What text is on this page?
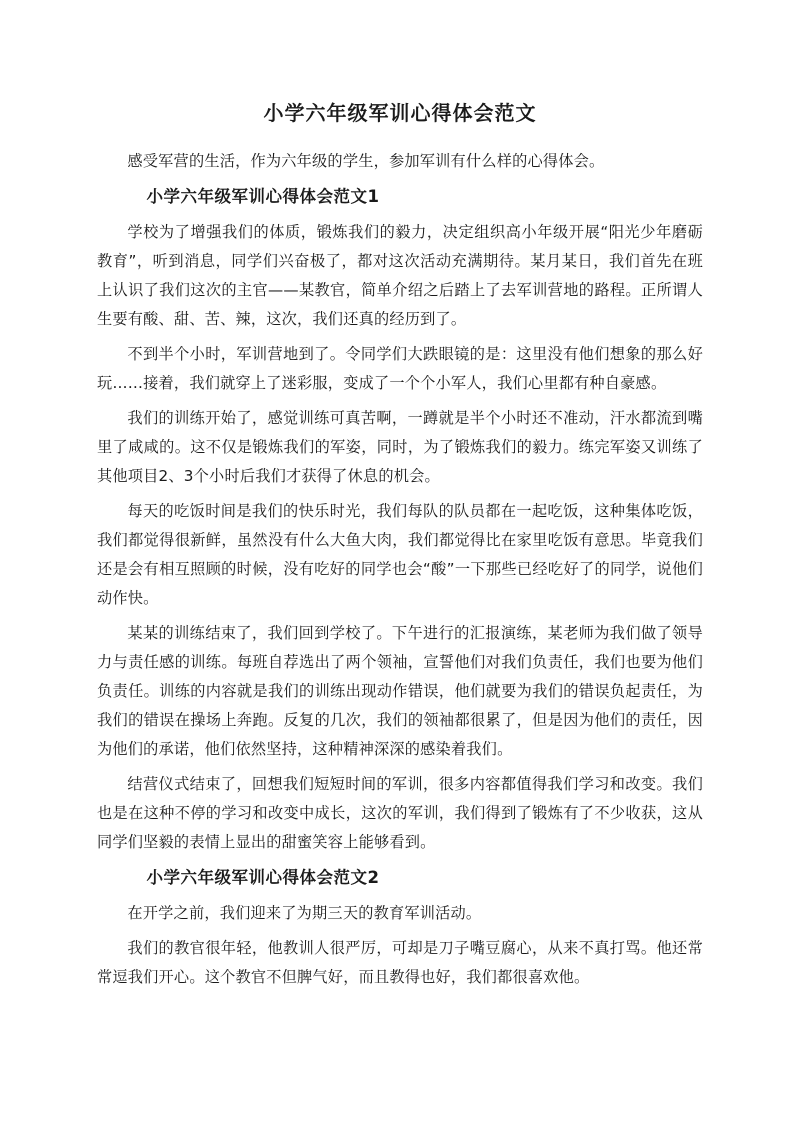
小学六年级军训心得体会范文

感受军营的生活，作为六年级的学生，参加军训有什么样的心得体会。

小学六年级军训心得体会范文1

学校为了增强我们的体质，锻炼我们的毅力，决定组织高小年级开展“阳光少年磨砺教育”，听到消息，同学们兴奋极了，都对这次活动充满期待。某月某日，我们首先在班上认识了我们这次的主官——某教官，简单介绍之后踏上了去军训营地的路程。正所谓人生要有酸、甜、苦、辣，这次，我们还真的经历到了。

不到半个小时，军训营地到了。令同学们大跌眼镜的是：这里没有他们想象的那么好玩……接着，我们就穿上了迷彩服，变成了一个个小军人，我们心里都有种自豪感。

我们的训练开始了，感觉训练可真苦啊，一蹲就是半个小时还不准动，汗水都流到嘴里了咸咸的。这不仅是锻炼我们的军姿，同时，为了锻炼我们的毅力。练完军姿又训练了其他项目2、3个小时后我们才获得了休息的机会。

每天的吃饭时间是我们的快乐时光，我们每队的队员都在一起吃饭，这种集体吃饭，我们都觉得很新鲜，虽然没有什么大鱼大肉，我们都觉得比在家里吃饭有意思。毕竟我们还是会有相互照顾的时候，没有吃好的同学也会“酸”一下那些已经吃好了的同学，说他们动作快。

某某的训练结束了，我们回到学校了。下午进行的汇报演练，某老师为我们做了领导力与责任感的训练。每班自荐选出了两个领袖，宣誓他们对我们负责任，我们也要为他们负责任。训练的内容就是我们的训练出现动作错误，他们就要为我们的错误负起责任，为我们的错误在操场上奔跑。反复的几次，我们的领袖都很累了，但是因为他们的责任，因为他们的承诺，他们依然坚持，这种精神深深的感染着我们。

结营仪式结束了，回想我们短短时间的军训，很多内容都值得我们学习和改变。我们也是在这种不停的学习和改变中成长，这次的军训，我们得到了锻炼有了不少收获，这从同学们坚毅的表情上显出的甜蜜笑容上能够看到。

小学六年级军训心得体会范文2

在开学之前，我们迎来了为期三天的教育军训活动。

我们的教官很年轻，他教训人很严厉，可却是刀子嘴豆腐心，从来不真打骂。他还常常逗我们开心。这个教官不但脾气好，而且教得也好，我们都很喜欢他。
